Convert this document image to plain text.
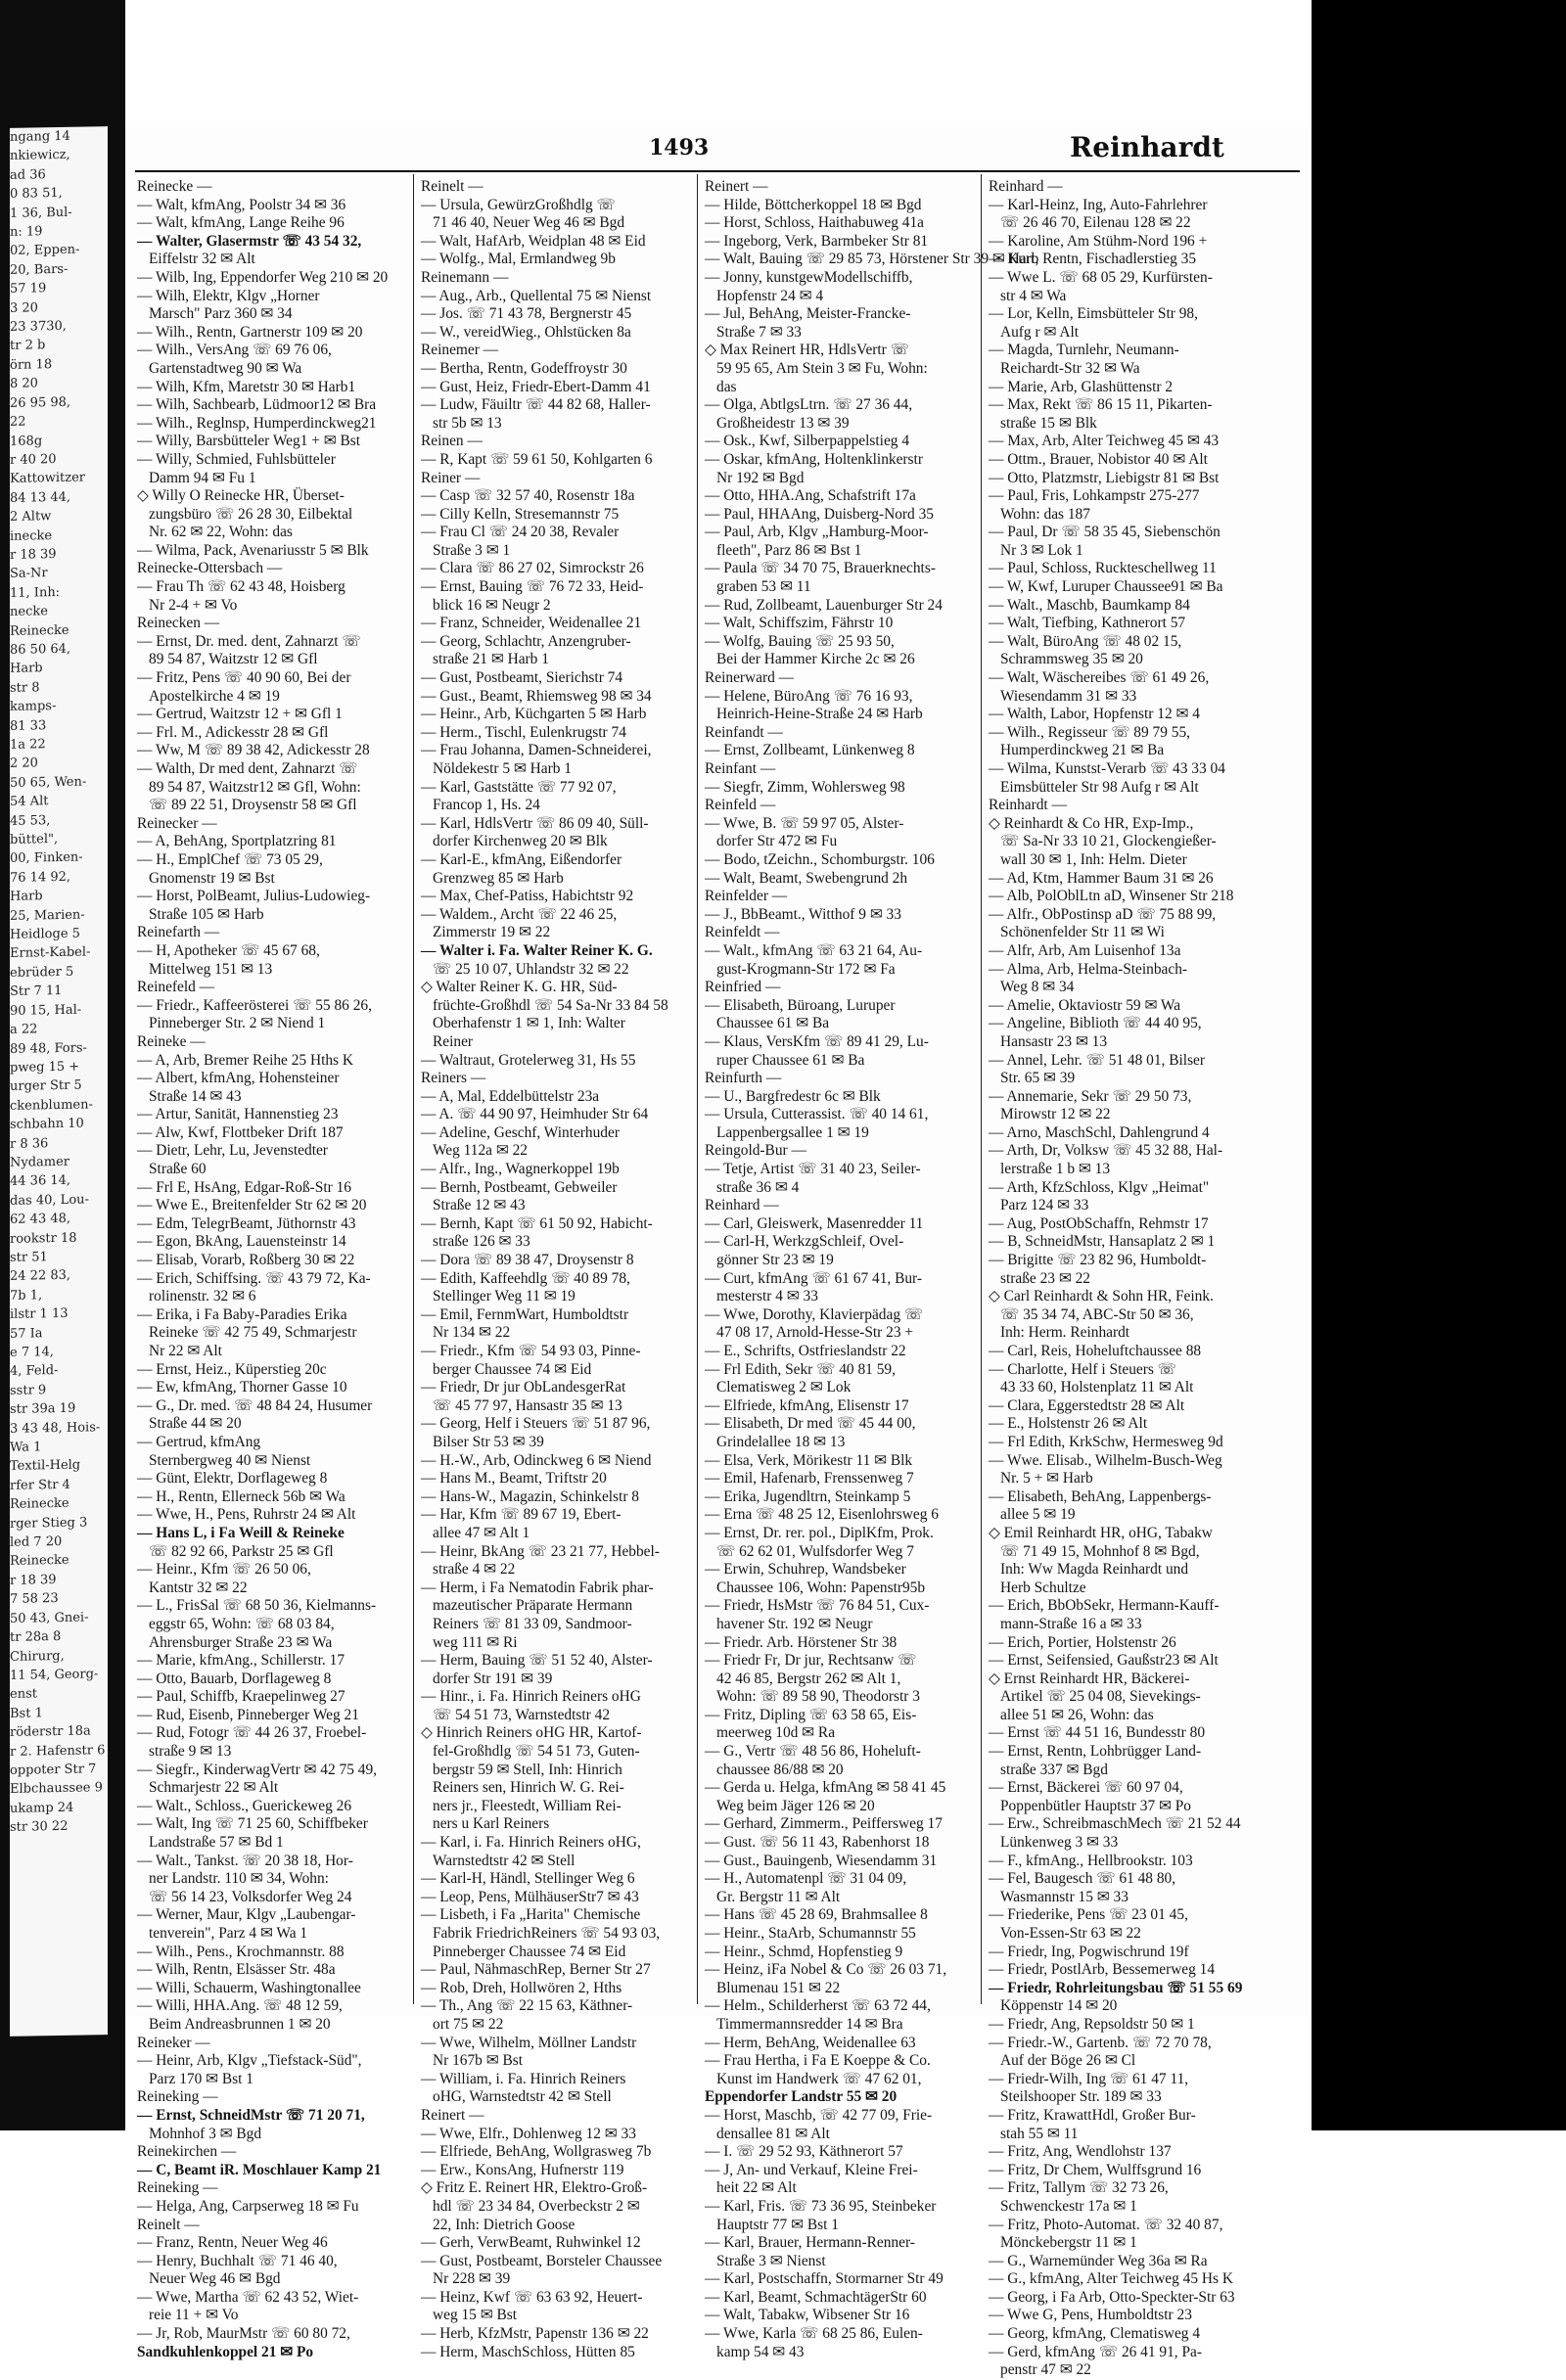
ngang 14
nkiewicz,
ad 36
0 83 51,
1 36, Bul-
n: 19
02, Eppen-
20, Bars-
57 19
3 20
23 3730,
tr 2 b
örn 18
8 20
26 95 98,
22
168g
r 40 20
Kattowitzer
84 13 44,
2 Altw
inecke
r 18 39
Sa-Nr
11, Inh:
necke
Reinecke
86 50 64,
Harb
str 8
kamps-
81 33
1a 22
2 20
50 65, Wen-
54 Alt
45 53,
büttel",
00, Finken-
76 14 92,
Harb
25, Marien-
Heidloge 5
Ernst-Kabel-
ebrüder 5
Str 7 11
90 15, Hal-
a 22
89 48, Fors-
pweg 15 +
urger Str 5
ckenblumen-
schbahn 10
r 8 36
Nydamer
44 36 14,
das 40, Lou-
62 43 48,
rookstr 18
str 51
24 22 83,
7b 1,
ilstr 1 13
57 Ia
e 7 14,
4, Feld-
sstr 9
str 39a 19
3 43 48, Hois-
Wa 1
Textil-Helg
rfer Str 4
Reinecke
rger Stieg 3
led 7 20
Reinecke
r 18 39
7 58 23
50 43, Gnei-
tr 28a 8
Chirurg,
11 54, Georg-
enst
Bst 1
röderstr 18a
r 2. Hafenstr 6
oppoter Str 7
Elbchaussee 9
ukamp 24
str 30 22
1493	Reinhardt
Reinecke —
— Walt, kfmAng, Poolstr 34 ✉ 36
— Walt, kfmAng, Lange Reihe 96
— Walter, Glasermstr ☏ 43 54 32,
Eiffelstr 32 ✉ Alt
— Wilb, Ing, Eppendorfer Weg 210 ✉ 20
— Wilh, Elektr, Klgv „Horner
Marsch" Parz 360 ✉ 34
— Wilh., Rentn, Gartnerstr 109 ✉ 20
— Wilh., VersAng ☏ 69 76 06,
Gartenstadtweg 90 ✉ Wa
— Wilh, Kfm, Maretstr 30 ✉ Harb1
— Wilh, Sachbearb, Lüdmoor12 ✉ Bra
— Wilh., Reglnsp, Humperdinckweg21
— Willy, Barsbütteler Weg1 + ✉ Bst
— Willy, Schmied, Fuhlsbütteler
Damm 94 ✉ Fu 1
◇ Willy O Reinecke HR, Überset-
zungsbüro ☏ 26 28 30, Eilbektal
Nr. 62 ✉ 22, Wohn: das
— Wilma, Pack, Avenariusstr 5 ✉ Blk
Reinecke-Ottersbach —
— Frau Th ☏ 62 43 48, Hoisberg
Nr 2-4 + ✉ Vo
Reinecken —
— Ernst, Dr. med. dent, Zahnarzt ☏
89 54 87, Waitzstr 12 ✉ Gfl
— Fritz, Pens ☏ 40 90 60, Bei der
Apostelkirche 4 ✉ 19
— Gertrud, Waitzstr 12 + ✉ Gfl 1
— Frl. M., Adickesstr 28 ✉ Gfl
— Ww, M ☏ 89 38 42, Adickesstr 28
— Walth, Dr med dent, Zahnarzt ☏
89 54 87, Waitzstr12 ✉ Gfl, Wohn:
☏ 89 22 51, Droysenstr 58 ✉ Gfl
Reinecker —
— A, BehAng, Sportplatzring 81
— H., EmplChef ☏ 73 05 29,
Gnomenstr 19 ✉ Bst
— Horst, PolBeamt, Julius-Ludowieg-
Straße 105 ✉ Harb
Reinefarth —
— H, Apotheker ☏ 45 67 68,
Mittelweg 151 ✉ 13
Reinefeld —
— Friedr., Kaffeerösterei ☏ 55 86 26,
Pinneberger Str. 2 ✉ Niend 1
Reineke —
— A, Arb, Bremer Reihe 25 Hths K
— Albert, kfmAng, Hohensteiner
Straße 14 ✉ 43
— Artur, Sanität, Hannenstieg 23
— Alw, Kwf, Flottbeker Drift 187
— Dietr, Lehr, Lu, Jevenstedter
Straße 60
— Frl E, HsAng, Edgar-Roß-Str 16
— Wwe E., Breitenfelder Str 62 ✉ 20
— Edm, TelegrBeamt, Jüthornstr 43
— Egon, BkAng, Lauensteinstr 14
— Elisab, Vorarb, Roßberg 30 ✉ 22
— Erich, Schiffsing. ☏ 43 79 72, Ka-
rolinenstr. 32 ✉ 6
— Erika, i Fa Baby-Paradies Erika
Reineke ☏ 42 75 49, Schmarjestr
Nr 22 ✉ Alt
— Ernst, Heiz., Küperstieg 20c
— Ew, kfmAng, Thorner Gasse 10
— G., Dr. med. ☏ 48 84 24, Husumer
Straße 44 ✉ 20
— Gertrud, kfmAng
Sternbergweg 40 ✉ Nienst
— Günt, Elektr, Dorflageweg 8
— H., Rentn, Ellerneck 56b ✉ Wa
— Wwe, H., Pens, Ruhrstr 24 ✉ Alt
— Hans L, i Fa Weill & Reineke
☏ 82 92 66, Parkstr 25 ✉ Gfl
— Heinr., Kfm ☏ 26 50 06,
Kantstr 32 ✉ 22
— L., FrisSal ☏ 68 50 36, Kielmanns-
eggstr 65, Wohn: ☏ 68 03 84,
Ahrensburger Straße 23 ✉ Wa
— Marie, kfmAng., Schillerstr. 17
— Otto, Bauarb, Dorflageweg 8
— Paul, Schiffb, Kraepelinweg 27
— Rud, Eisenb, Pinneberger Weg 21
— Rud, Fotogr ☏ 44 26 37, Froebel-
straße 9 ✉ 13
— Siegfr., KinderwagVertr ✉ 42 75 49,
Schmarjestr 22 ✉ Alt
— Walt., Schloss., Guerickeweg 26
— Walt, Ing ☏ 71 25 60, Schiffbeker
Landstraße 57 ✉ Bd 1
— Walt., Tankst. ☏ 20 38 18, Hor-
ner Landstr. 110 ✉ 34, Wohn:
☏ 56 14 23, Volksdorfer Weg 24
— Werner, Maur, Klgv „Laubengar-
tenverein", Parz 4 ✉ Wa 1
— Wilh., Pens., Krochmannstr. 88
— Wilh, Rentn, Elsässer Str. 48a
— Willi, Schauerm, Washingtonallee
— Willi, HHA.Ang. ☏ 48 12 59,
Beim Andreasbrunnen 1 ✉ 20
Reineker —
— Heinr, Arb, Klgv „Tiefstack-Süd",
Parz 170 ✉ Bst 1
Reineking —
— Ernst, SchneidMstr ☏ 71 20 71,
Mohnhof 3 ✉ Bgd
Reinekirchen —
— C, Beamt iR. Moschlauer Kamp 21
Reineking —
— Helga, Ang, Carpserweg 18 ✉ Fu
Reinelt —
— Franz, Rentn, Neuer Weg 46
— Henry, Buchhalt ☏ 71 46 40,
Neuer Weg 46 ✉ Bgd
— Wwe, Martha ☏ 62 43 52, Wiet-
reie 11 + ✉ Vo
— Jr, Rob, MaurMstr ☏ 60 80 72,
Sandkuhlenkoppel 21 ✉ Po
Reinelt —
— Ursula, GewürzGroßhdlg ☏
71 46 40, Neuer Weg 46 ✉ Bgd
— Walt, HafArb, Weidplan 48 ✉ Eid
— Wolfg., Mal, Ermlandweg 9b
Reinemann —
— Aug., Arb., Quellental 75 ✉ Nienst
— Jos. ☏ 71 43 78, Bergnerstr 45
— W., vereidWieg., Ohlstücken 8a
Reinemer —
— Bertha, Rentn, Godeffroystr 30
— Gust, Heiz, Friedr-Ebert-Damm 41
— Ludw, Fäuiltr ☏ 44 82 68, Haller-
str 5b ✉ 13
Reinen —
— R, Kapt ☏ 59 61 50, Kohlgarten 6
Reiner —
— Casp ☏ 32 57 40, Rosenstr 18a
— Cilly Kelln, Stresemannstr 75
— Frau Cl ☏ 24 20 38, Revaler
Straße 3 ✉ 1
— Clara ☏ 86 27 02, Simrockstr 26
— Ernst, Bauing ☏ 76 72 33, Heid-
blick 16 ✉ Neugr 2
— Franz, Schneider, Weidenallee 21
— Georg, Schlachtr, Anzengruber-
straße 21 ✉ Harb 1
— Gust, Postbeamt, Sierichstr 74
— Gust., Beamt, Rhiemsweg 98 ✉ 34
— Heinr., Arb, Küchgarten 5 ✉ Harb
— Herm., Tischl, Eulenkrugstr 74
— Frau Johanna, Damen-Schneiderei,
Nöldekestr 5 ✉ Harb 1
— Karl, Gaststätte ☏ 77 92 07,
Francop 1, Hs. 24
— Karl, HdlsVertr ☏ 86 09 40, Süll-
dorfer Kirchenweg 20 ✉ Blk
— Karl-E., kfmAng, Eißendorfer
Grenzweg 85 ✉ Harb
— Max, Chef-Patiss, Habichtstr 92
— Waldem., Archt ☏ 22 46 25,
Zimmerstr 19 ✉ 22
— Walter i. Fa. Walter Reiner K. G.
☏ 25 10 07, Uhlandstr 32 ✉ 22
◇ Walter Reiner K. G. HR, Süd-
früchte-Großhdl ☏ 54 Sa-Nr 33 84 58
Oberhafenstr 1 ✉ 1, Inh: Walter
Reiner
— Waltraut, Grotelerweg 31, Hs 55
Reiners —
— A, Mal, Eddelbüttelstr 23a
— A. ☏ 44 90 97, Heimhuder Str 64
— Adeline, Geschf, Winterhuder
Weg 112a ✉ 22
— Alfr., Ing., Wagnerkoppel 19b
— Bernh, Postbeamt, Gebweiler
Straße 12 ✉ 43
— Bernh, Kapt ☏ 61 50 92, Habicht-
straße 126 ✉ 33
— Dora ☏ 89 38 47, Droysenstr 8
— Edith, Kaffeehdlg ☏ 40 89 78,
Stellinger Weg 11 ✉ 19
— Emil, FernmWart, Humboldtstr
Nr 134 ✉ 22
— Friedr., Kfm ☏ 54 93 03, Pinne-
berger Chaussee 74 ✉ Eid
— Friedr, Dr jur ObLandesgerRat
☏ 45 77 97, Hansastr 35 ✉ 13
— Georg, Helf i Steuers ☏ 51 87 96,
Bilser Str 53 ✉ 39
— H.-W., Arb, Odinckweg 6 ✉ Niend
— Hans M., Beamt, Triftstr 20
— Hans-W., Magazin, Schinkelstr 8
— Har, Kfm ☏ 89 67 19, Ebert-
allee 47 ✉ Alt 1
— Heinr, BkAng ☏ 23 21 77, Hebbel-
straße 4 ✉ 22
— Herm, i Fa Nematodin Fabrik phar-
mazeutischer Präparate Hermann
Reiners ☏ 81 33 09, Sandmoor-
weg 111 ✉ Ri
— Herm, Bauing ☏ 51 52 40, Alster-
dorfer Str 191 ✉ 39
— Hinr., i. Fa. Hinrich Reiners oHG
☏ 54 51 73, Warnstedtstr 42
◇ Hinrich Reiners oHG HR, Kartof-
fel-Großhdlg ☏ 54 51 73, Guten-
bergstr 59 ✉ Stell, Inh: Hinrich
Reiners sen, Hinrich W. G. Rei-
ners jr., Fleestedt, William Rei-
ners u Karl Reiners
— Karl, i. Fa. Hinrich Reiners oHG,
Warnstedtstr 42 ✉ Stell
— Karl-H, Händl, Stellinger Weg 6
— Leop, Pens, MülhäuserStr7 ✉ 43
— Lisbeth, i Fa „Harita" Chemische
Fabrik FriedrichReiners ☏ 54 93 03,
Pinneberger Chaussee 74 ✉ Eid
— Paul, NähmaschRep, Berner Str 27
— Rob, Dreh, Hollwören 2, Hths
— Th., Ang ☏ 22 15 63, Käthner-
ort 75 ✉ 22
— Wwe, Wilhelm, Möllner Landstr
Nr 167b ✉ Bst
— William, i. Fa. Hinrich Reiners
oHG, Warnstedtstr 42 ✉ Stell
Reinert —
— Wwe, Elfr., Dohlenweg 12 ✉ 33
— Elfriede, BehAng, Wollgrasweg 7b
— Erw., KonsAng, Hufnerstr 119
◇ Fritz E. Reinert HR, Elektro-Groß-
hdl ☏ 23 34 84, Overbeckstr 2 ✉
22, Inh: Dietrich Goose
— Gerh, VerwBeamt, Ruhwinkel 12
— Gust, Postbeamt, Borsteler Chaussee
Nr 228 ✉ 39
— Heinz, Kwf ☏ 63 63 92, Heuert-
weg 15 ✉ Bst
— Herb, KfzMstr, Papenstr 136 ✉ 22
— Herm, MaschSchloss, Hütten 85
Reinert —
— Hilde, Böttcherkoppel 18 ✉ Bgd
— Horst, Schloss, Haithabuweg 41a
— Ingeborg, Verk, Barmbeker Str 81
— Walt, Bauing ☏ 29 85 73, Hörstener Str 39 ✉ Harb
— Jonny, kunstgewModellschiffb,
Hopfenstr 24 ✉ 4
— Jul, BehAng, Meister-Francke-
Straße 7 ✉ 33
◇ Max Reinert HR, HdlsVertr ☏
59 95 65, Am Stein 3 ✉ Fu, Wohn:
das
— Olga, AbtlgsLtrn. ☏ 27 36 44,
Großheidestr 13 ✉ 39
— Osk., Kwf, Silberpappelstieg 4
— Oskar, kfmAng, Holtenklinkerstr
Nr 192 ✉ Bgd
— Otto, HHA.Ang, Schafstrift 17a
— Paul, HHAAng, Duisberg-Nord 35
— Paul, Arb, Klgv „Hamburg-Moor-
fleeth", Parz 86 ✉ Bst 1
— Paula ☏ 34 70 75, Brauerknechts-
graben 53 ✉ 11
— Rud, Zollbeamt, Lauenburger Str 24
— Walt, Schiffszim, Fährstr 10
— Wolfg, Bauing ☏ 25 93 50,
Bei der Hammer Kirche 2c ✉ 26
Reinerward —
— Helene, BüroAng ☏ 76 16 93,
Heinrich-Heine-Straße 24 ✉ Harb
Reinfandt —
— Ernst, Zollbeamt, Lünkenweg 8
Reinfant —
— Siegfr, Zimm, Wohlersweg 98
Reinfeld —
— Wwe, B. ☏ 59 97 05, Alster-
dorfer Str 472 ✉ Fu
— Bodo, tZeichn., Schomburgstr. 106
— Walt, Beamt, Swebengrund 2h
Reinfelder —
— J., BbBeamt., Witthof 9 ✉ 33
Reinfeldt —
— Walt., kfmAng ☏ 63 21 64, Au-
gust-Krogmann-Str 172 ✉ Fa
Reinfried —
— Elisabeth, Büroang, Luruper
Chaussee 61 ✉ Ba
— Klaus, VersKfm ☏ 89 41 29, Lu-
ruper Chaussee 61 ✉ Ba
Reinfurth —
— U., Bargfredestr 6c ✉ Blk
— Ursula, Cutterassist. ☏ 40 14 61,
Lappenbergsallee 1 ✉ 19
Reingold-Bur —
— Tetje, Artist ☏ 31 40 23, Seiler-
straße 36 ✉ 4
Reinhard —
— Carl, Gleiswerk, Masenredder 11
— Carl-H, WerkzgSchleif, Ovel-
gönner Str 23 ✉ 19
— Curt, kfmAng ☏ 61 67 41, Bur-
mesterstr 4 ✉ 33
— Wwe, Dorothy, Klavierpädag ☏
47 08 17, Arnold-Hesse-Str 23 +
— E., Schrifts, Ostfrieslandstr 22
— Frl Edith, Sekr ☏ 40 81 59,
Clematisweg 2 ✉ Lok
— Elfriede, kfmAng, Elisenstr 17
— Elisabeth, Dr med ☏ 45 44 00,
Grindelallee 18 ✉ 13
— Elsa, Verk, Mörikestr 11 ✉ Blk
— Emil, Hafenarb, Frenssenweg 7
— Erika, Jugendltrn, Steinkamp 5
— Erna ☏ 48 25 12, Eisenlohrsweg 6
— Ernst, Dr. rer. pol., DiplKfm, Prok.
☏ 62 62 01, Wulfsdorfer Weg 7
— Erwin, Schuhrep, Wandsbeker
Chaussee 106, Wohn: Papenstr95b
— Friedr, HsMstr ☏ 76 84 51, Cux-
havener Str. 192 ✉ Neugr
— Friedr. Arb. Hörstener Str 38
— Friedr Fr, Dr jur, Rechtsanw ☏
42 46 85, Bergstr 262 ✉ Alt 1,
Wohn: ☏ 89 58 90, Theodorstr 3
— Fritz, Dipling ☏ 63 58 65, Eis-
meerweg 10d ✉ Ra
— G., Vertr ☏ 48 56 86, Hoheluft-
chaussee 86/88 ✉ 20
— Gerda u. Helga, kfmAng ✉ 58 41 45
Weg beim Jäger 126 ✉ 20
— Gerhard, Zimmerm., Peiffersweg 17
— Gust. ☏ 56 11 43, Rabenhorst 18
— Gust., Bauingenb, Wiesendamm 31
— H., Automatenpl ☏ 31 04 09,
Gr. Bergstr 11 ✉ Alt
— Hans ☏ 45 28 69, Brahmsallee 8
— Heinr., StaArb, Schumannstr 55
— Heinr., Schmd, Hopfenstieg 9
— Heinz, iFa Nobel & Co ☏ 26 03 71,
Blumenau 151 ✉ 22
— Helm., Schilderherst ☏ 63 72 44,
Timmermannsredder 14 ✉ Bra
— Herm, BehAng, Weidenallee 63
— Frau Hertha, i Fa E Koeppe & Co.
Kunst im Handwerk ☏ 47 62 01,
Eppendorfer Landstr 55 ✉ 20
— Horst, Maschb, ☏ 42 77 09, Frie-
densallee 81 ✉ Alt
— I. ☏ 29 52 93, Käthnerort 57
— J, An- und Verkauf, Kleine Frei-
heit 22 ✉ Alt
— Karl, Fris. ☏ 73 36 95, Steinbeker
Hauptstr 77 ✉ Bst 1
— Karl, Brauer, Hermann-Renner-
Straße 3 ✉ Nienst
— Karl, Postschaffn, Stormarner Str 49
— Karl, Beamt, SchmachtägerStr 60
— Walt, Tabakw, Wibsener Str 16
— Wwe, Karla ☏ 68 25 86, Eulen-
kamp 54 ✉ 43
Reinhard —
— Karl-Heinz, Ing, Auto-Fahrlehrer
☏ 26 46 70, Eilenau 128 ✉ 22
— Karoline, Am Stühm-Nord 196 +
— Kurt, Rentn, Fischadlerstieg 35
— Wwe L. ☏ 68 05 29, Kurfürsten-
str 4 ✉ Wa
— Lor, Kelln, Eimsbütteler Str 98,
Aufg r ✉ Alt
— Magda, Turnlehr, Neumann-
Reichardt-Str 32 ✉ Wa
— Marie, Arb, Glashüttenstr 2
— Max, Rekt ☏ 86 15 11, Pikarten-
straße 15 ✉ Blk
— Max, Arb, Alter Teichweg 45 ✉ 43
— Ottm., Brauer, Nobistor 40 ✉ Alt
— Otto, Platzmstr, Liebigstr 81 ✉ Bst
— Paul, Fris, Lohkampstr 275-277
Wohn: das 187
— Paul, Dr ☏ 58 35 45, Siebenschön
Nr 3 ✉ Lok 1
— Paul, Schloss, Ruckteschellweg 11
— W, Kwf, Luruper Chaussee91 ✉ Ba
— Walt., Maschb, Baumkamp 84
— Walt, Tiefbing, Kathnerort 57
— Walt, BüroAng ☏ 48 02 15,
Schrammsweg 35 ✉ 20
— Walt, Wäschereibes ☏ 61 49 26,
Wiesendamm 31 ✉ 33
— Walth, Labor, Hopfenstr 12 ✉ 4
— Wilh., Regisseur ☏ 89 79 55,
Humperdinckweg 21 ✉ Ba
— Wilma, Kunstst-Verarb ☏ 43 33 04
Eimsbütteler Str 98 Aufg r ✉ Alt
Reinhardt —
◇ Reinhardt & Co HR, Exp-Imp.,
☏ Sa-Nr 33 10 21, Glockengießer-
wall 30 ✉ 1, Inh: Helm. Dieter
— Ad, Ktm, Hammer Baum 31 ✉ 26
— Alb, PolOblLtn aD, Winsener Str 218
— Alfr., ObPostinsp aD ☏ 75 88 99,
Schönenfelder Str 11 ✉ Wi
— Alfr, Arb, Am Luisenhof 13a
— Alma, Arb, Helma-Steinbach-
Weg 8 ✉ 34
— Amelie, Oktaviostr 59 ✉ Wa
— Angeline, Biblioth ☏ 44 40 95,
Hansastr 23 ✉ 13
— Annel, Lehr. ☏ 51 48 01, Bilser
Str. 65 ✉ 39
— Annemarie, Sekr ☏ 29 50 73,
Mirowstr 12 ✉ 22
— Arno, MaschSchl, Dahlengrund 4
— Arth, Dr, Volksw ☏ 45 32 88, Hal-
lerstraße 1 b ✉ 13
— Arth, KfzSchloss, Klgv „Heimat"
Parz 124 ✉ 33
— Aug, PostObSchaffn, Rehmstr 17
— B, SchneidMstr, Hansaplatz 2 ✉ 1
— Brigitte ☏ 23 82 96, Humboldt-
straße 23 ✉ 22
◇ Carl Reinhardt & Sohn HR, Feink.
☏ 35 34 74, ABC-Str 50 ✉ 36,
Inh: Herm. Reinhardt
— Carl, Reis, Hoheluftchaussee 88
— Charlotte, Helf i Steuers ☏
43 33 60, Holstenplatz 11 ✉ Alt
— Clara, Eggerstedtstr 28 ✉ Alt
— E., Holstenstr 26 ✉ Alt
— Frl Edith, KrkSchw, Hermesweg 9d
— Wwe. Elisab., Wilhelm-Busch-Weg
Nr. 5 + ✉ Harb
— Elisabeth, BehAng, Lappenbergs-
allee 5 ✉ 19
◇ Emil Reinhardt HR, oHG, Tabakw
☏ 71 49 15, Mohnhof 8 ✉ Bgd,
Inh: Ww Magda Reinhardt und
Herb Schultze
— Erich, BbObSekr, Hermann-Kauff-
mann-Straße 16 a ✉ 33
— Erich, Portier, Holstenstr 26
— Ernst, Seifensied, Gaußstr23 ✉ Alt
◇ Ernst Reinhardt HR, Bäckerei-
Artikel ☏ 25 04 08, Sievekings-
allee 51 ✉ 26, Wohn: das
— Ernst ☏ 44 51 16, Bundesstr 80
— Ernst, Rentn, Lohbrügger Land-
straße 337 ✉ Bgd
— Ernst, Bäckerei ☏ 60 97 04,
Poppenbütler Hauptstr 37 ✉ Po
— Erw., SchreibmaschMech ☏ 21 52 44
Lünkenweg 3 ✉ 33
— F., kfmAng., Hellbrookstr. 103
— Fel, Baugesch ☏ 61 48 80,
Wasmannstr 15 ✉ 33
— Friederike, Pens ☏ 23 01 45,
Von-Essen-Str 63 ✉ 22
— Friedr, Ing, Pogwischrund 19f
— Friedr, PostlArb, Bessemerweg 14
— Friedr, Rohrleitungsbau ☏ 51 55 69
Köppenstr 14 ✉ 20
— Friedr, Ang, Repsoldstr 50 ✉ 1
— Friedr.-W., Gartenb. ☏ 72 70 78,
Auf der Böge 26 ✉ Cl
— Friedr-Wilh, Ing ☏ 61 47 11,
Steilshooper Str. 189 ✉ 33
— Fritz, KrawattHdl, Großer Bur-
stah 55 ✉ 11
— Fritz, Ang, Wendlohstr 137
— Fritz, Dr Chem, Wulffsgrund 16
— Fritz, Tallym ☏ 32 73 26,
Schwenckestr 17a ✉ 1
— Fritz, Photo-Automat. ☏ 32 40 87,
Mönckebergstr 11 ✉ 1
— G., Warnemünder Weg 36a ✉ Ra
— G., kfmAng, Alter Teichweg 45 Hs K
— Georg, i Fa Arb, Otto-Speckter-Str 63
— Wwe G, Pens, Humboldtstr 23
— Georg, kfmAng, Clematisweg 4
— Gerd, kfmAng ☏ 26 41 91, Pa-
penstr 47 ✉ 22
